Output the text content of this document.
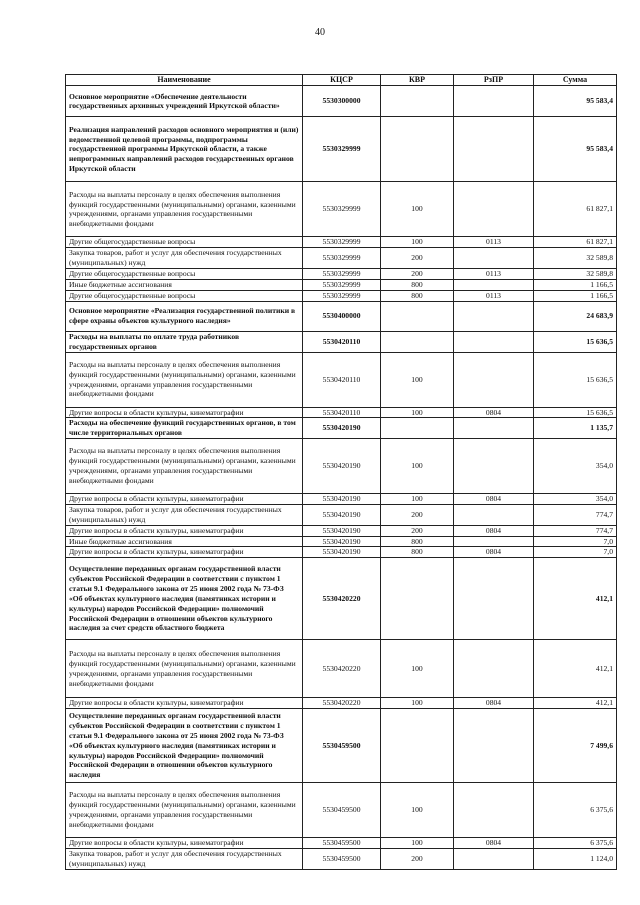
40
Наименование	КЦСР	КВР	РзПР	Сумма
Основное мероприятие «Обеспечение деятельности государственных архивных учреждений Иркутской области»	5530300000			95 583,4
Реализация направлений расходов основного мероприятия и (или) ведомственной целевой программы, подпрограммы государственной программы Иркутской области, а также непрограммных направлений расходов государственных органов Иркутской области	5530329999			95 583,4
Расходы на выплаты персоналу в целях обеспечения выполнения функций государственными (муниципальными) органами, казенными учреждениями, органами управления государственными внебюджетными фондами	5530329999	100		61 827,1
Другие общегосударственные вопросы	5530329999	100	0113	61 827,1
Закупка товаров, работ и услуг для обеспечения государственных (муниципальных) нужд	5530329999	200		32 589,8
Другие общегосударственные вопросы	5530329999	200	0113	32 589,8
Иные бюджетные ассигнования	5530329999	800		1 166,5
Другие общегосударственные вопросы	5530329999	800	0113	1 166,5
Основное мероприятие «Реализация государственной политики в сфере охраны объектов культурного наследия»	5530400000			24 683,9
Расходы на выплаты по оплате труда работников государственных органов	5530420110			15 636,5
Расходы на выплаты персоналу в целях обеспечения выполнения функций государственными (муниципальными) органами, казенными учреждениями, органами управления государственными внебюджетными фондами	5530420110	100		15 636,5
Другие вопросы в области культуры, кинематографии	5530420110	100	0804	15 636,5
Расходы на обеспечение функций государственных органов, в том числе территориальных органов	5530420190			1 135,7
Расходы на выплаты персоналу в целях обеспечения выполнения функций государственными (муниципальными) органами, казенными учреждениями, органами управления государственными внебюджетными фондами	5530420190	100		354,0
Другие вопросы в области культуры, кинематографии	5530420190	100	0804	354,0
Закупка товаров, работ и услуг для обеспечения государственных (муниципальных) нужд	5530420190	200		774,7
Другие вопросы в области культуры, кинематографии	5530420190	200	0804	774,7
Иные бюджетные ассигнования	5530420190	800		7,0
Другие вопросы в области культуры, кинематографии	5530420190	800	0804	7,0
Осуществление переданных органам государственной власти субъектов Российской Федерации в соответствии с пунктом 1 статьи 9.1 Федерального закона от 25 июня 2002 года № 73-ФЗ «Об объектах культурного наследия (памятниках истории и культуры) народов Российской Федерации» полномочий Российской Федерации в отношении объектов культурного наследия за счет средств областного бюджета	5530420220			412,1
Расходы на выплаты персоналу в целях обеспечения выполнения функций государственными (муниципальными) органами, казенными учреждениями, органами управления государственными внебюджетными фондами	5530420220	100		412,1
Другие вопросы в области культуры, кинематографии	5530420220	100	0804	412,1
Осуществление переданных органам государственной власти субъектов Российской Федерации в соответствии с пунктом 1 статьи 9.1 Федерального закона от 25 июня 2002 года № 73-ФЗ «Об объектах культурного наследия (памятниках истории и культуры) народов Российской Федерации» полномочий Российской Федерации в отношении объектов культурного наследия	5530459500			7 499,6
Расходы на выплаты персоналу в целях обеспечения выполнения функций государственными (муниципальными) органами, казенными учреждениями, органами управления государственными внебюджетными фондами	5530459500	100		6 375,6
Другие вопросы в области культуры, кинематографии	5530459500	100	0804	6 375,6
Закупка товаров, работ и услуг для обеспечения государственных (муниципальных) нужд	5530459500	200		1 124,0
